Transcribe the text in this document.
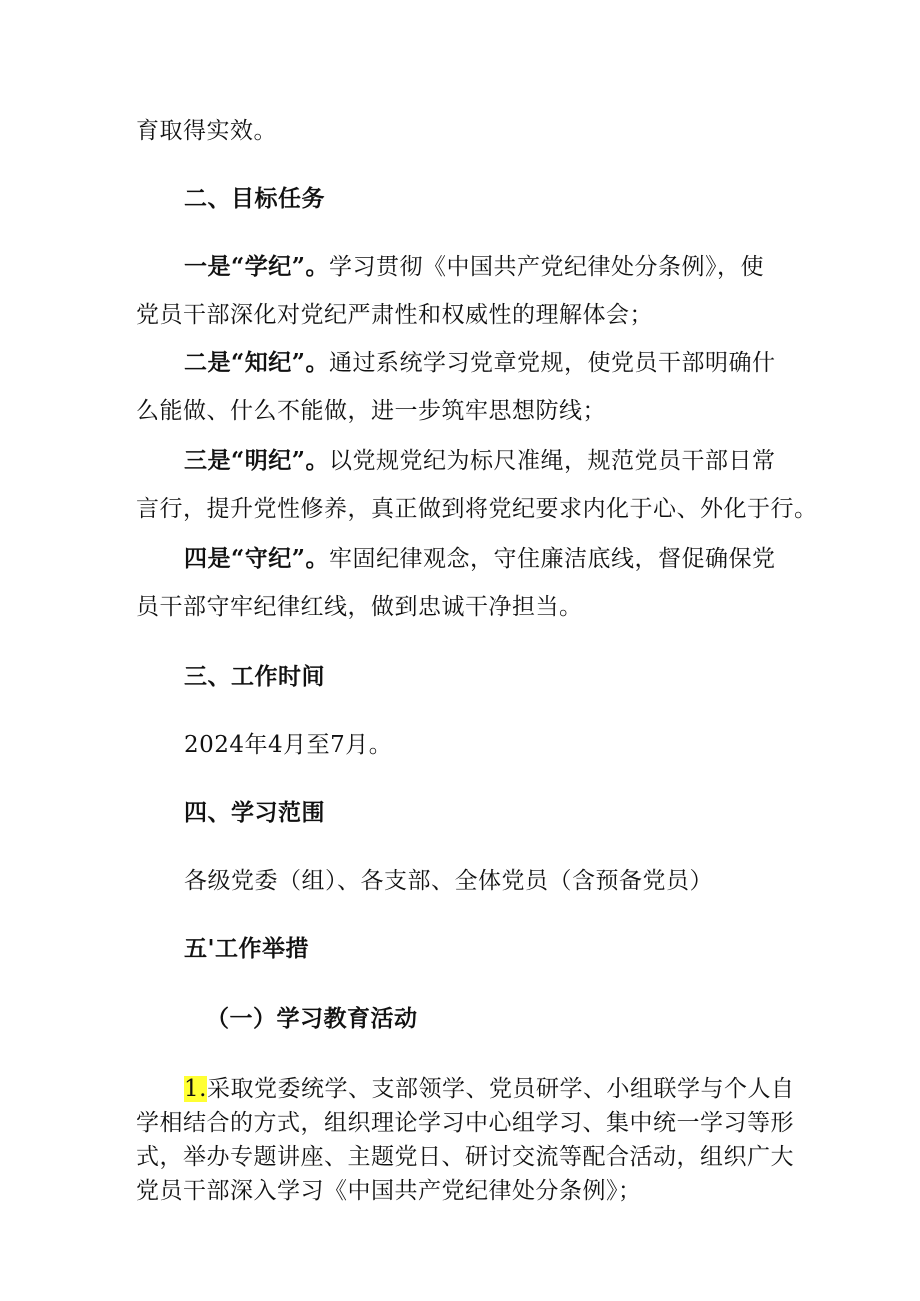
育取得实效。
二、目标任务
一是“学纪”。学习贯彻《中国共产党纪律处分条例》，使
党员干部深化对党纪严肃性和权威性的理解体会；
二是“知纪”。通过系统学习党章党规，使党员干部明确什
么能做、什么不能做，进一步筑牢思想防线；
三是“明纪”。以党规党纪为标尺准绳，规范党员干部日常
言行，提升党性修养，真正做到将党纪要求内化于心、外化于行。
四是“守纪”。牢固纪律观念，守住廉洁底线，督促确保党
员干部守牢纪律红线，做到忠诚干净担当。
三、工作时间
2024年4月至7月。
四、学习范围
各级党委（组）、各支部、全体党员（含预备党员）
五'工作举措
（一）学习教育活动
1.采取党委统学、支部领学、党员研学、小组联学与个人自
学相结合的方式，组织理论学习中心组学习、集中统一学习等形
式，举办专题讲座、主题党日、研讨交流等配合活动，组织广大
党员干部深入学习《中国共产党纪律处分条例》；
